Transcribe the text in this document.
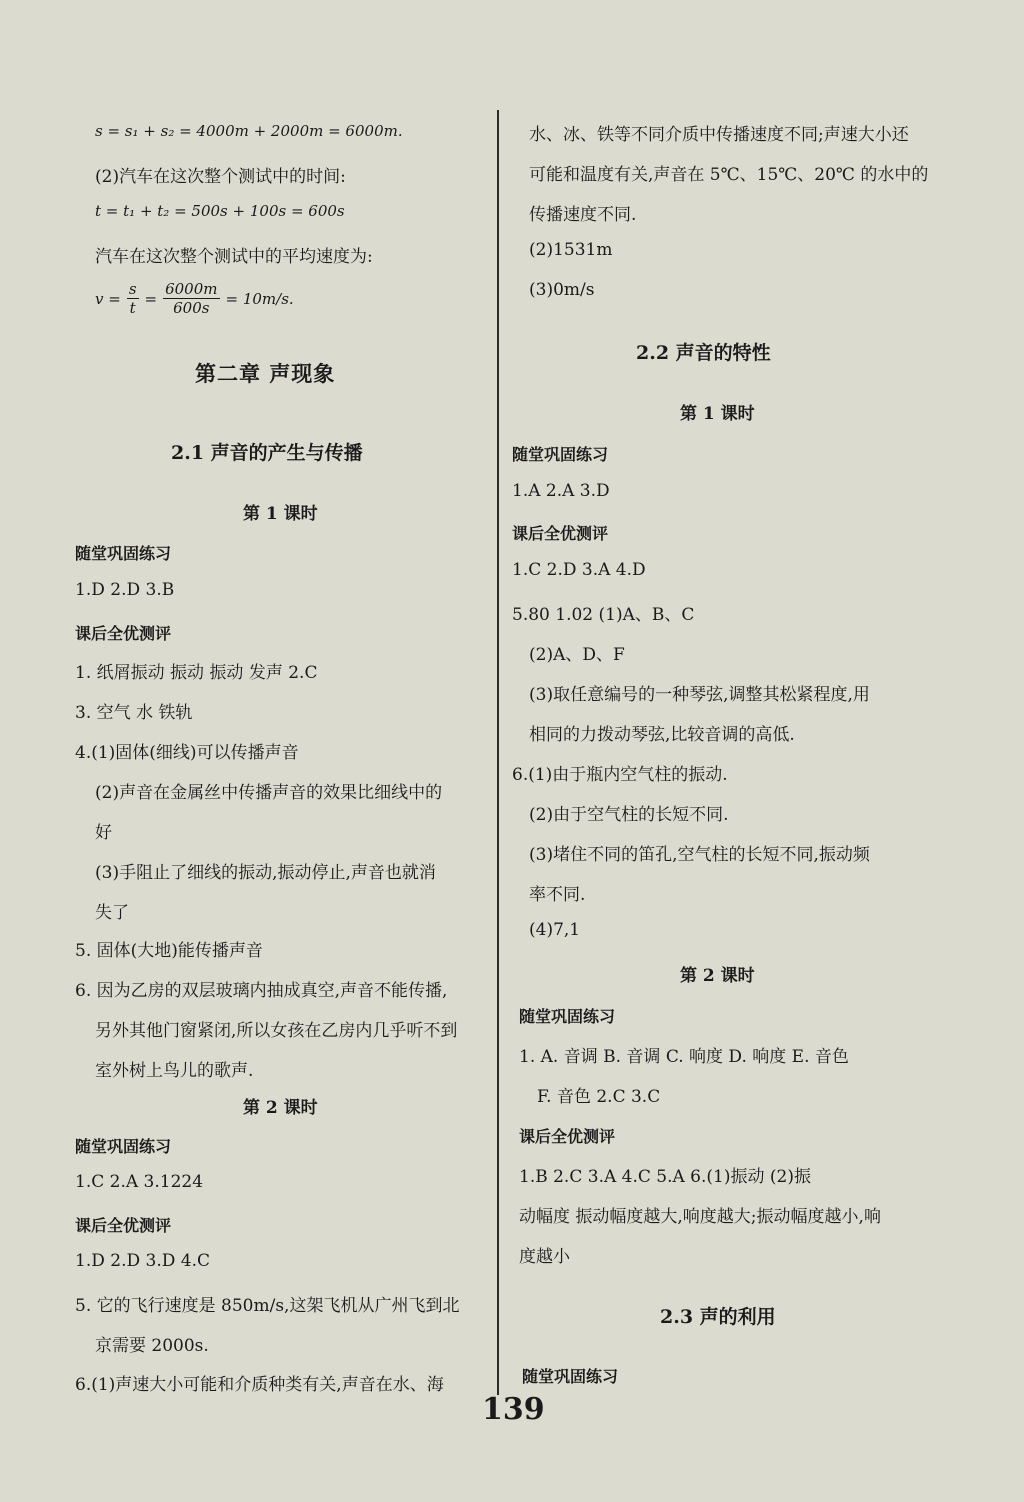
s = s₁ + s₂ = 4000m + 2000m = 6000m.
(2)汽车在这次整个测试中的时间:
t = t₁ + t₂ = 500s + 100s = 600s
汽车在这次整个测试中的平均速度为:
$v = \frac{s}{t} = \frac{6000m}{600s} = 10m/s$.
第二章 声现象
2.1 声音的产生与传播
第 1 课时
随堂巩固练习
1.D 2.D 3.B
课后全优测评
1. 纸屑振动 振动 振动 发声 2.C
3. 空气 水 铁轨
4.(1)固体(细线)可以传播声音
(2)声音在金属丝中传播声音的效果比细线中的
好
(3)手阻止了细线的振动,振动停止,声音也就消
失了
5. 固体(大地)能传播声音
6. 因为乙房的双层玻璃内抽成真空,声音不能传播,
另外其他门窗紧闭,所以女孩在乙房内几乎听不到
室外树上鸟儿的歌声.
第 2 课时
随堂巩固练习
1.C 2.A 3.1224
课后全优测评
1.D 2.D 3.D 4.C
5. 它的飞行速度是 850m/s,这架飞机从广州飞到北
京需要 2000s.
6.(1)声速大小可能和介质种类有关,声音在水、海
水、冰、铁等不同介质中传播速度不同;声速大小还
可能和温度有关,声音在 5℃、15℃、20℃ 的水中的
传播速度不同.
(2)1531m
(3)0m/s
2.2 声音的特性
第 1 课时
随堂巩固练习
1.A 2.A 3.D
课后全优测评
1.C 2.D 3.A 4.D
5.80 1.02 (1)A、B、C
(2)A、D、F
(3)取任意编号的一种琴弦,调整其松紧程度,用
相同的力拨动琴弦,比较音调的高低.
6.(1)由于瓶内空气柱的振动.
(2)由于空气柱的长短不同.
(3)堵住不同的笛孔,空气柱的长短不同,振动频
率不同.
(4)7,1
第 2 课时
随堂巩固练习
1. A. 音调 B. 音调 C. 响度 D. 响度 E. 音色
F. 音色 2.C 3.C
课后全优测评
1.B 2.C 3.A 4.C 5.A 6.(1)振动 (2)振
动幅度 振动幅度越大,响度越大;振动幅度越小,响
度越小
2.3 声的利用
随堂巩固练习
139
